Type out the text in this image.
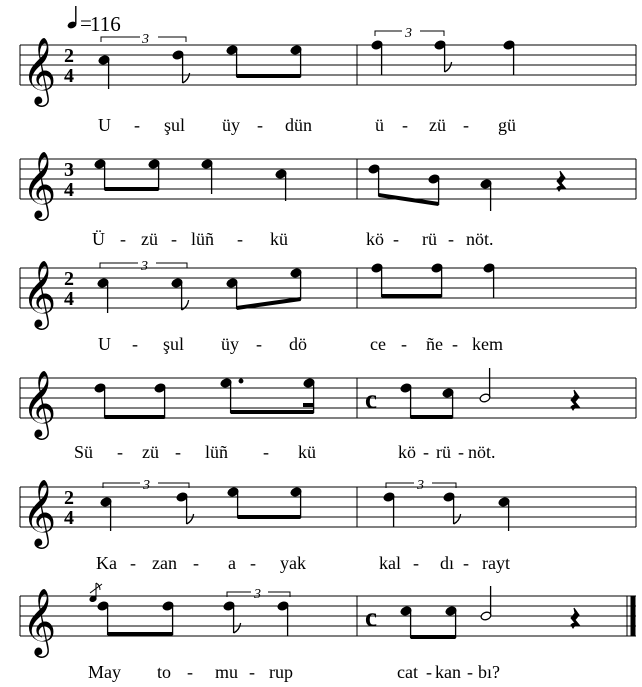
=
116
𝄞 2
4
3	3
U - şul üy - dün	ü - zü - gü
𝄞 3
4
Ü - zü - lüñ - kü	kö - rü - nöt.
𝄞 2
4
3
U - şul üy - dö	ce - ñe - kem
𝄞	c
Sü - zü - lüñ - kü	kö - rü - nöt.
𝄞 2
4
3	3
Ka - zan - a - yak	kal - dı - rayt
𝄞	c
3
May to - mu - rup	cat - kan - bı?
